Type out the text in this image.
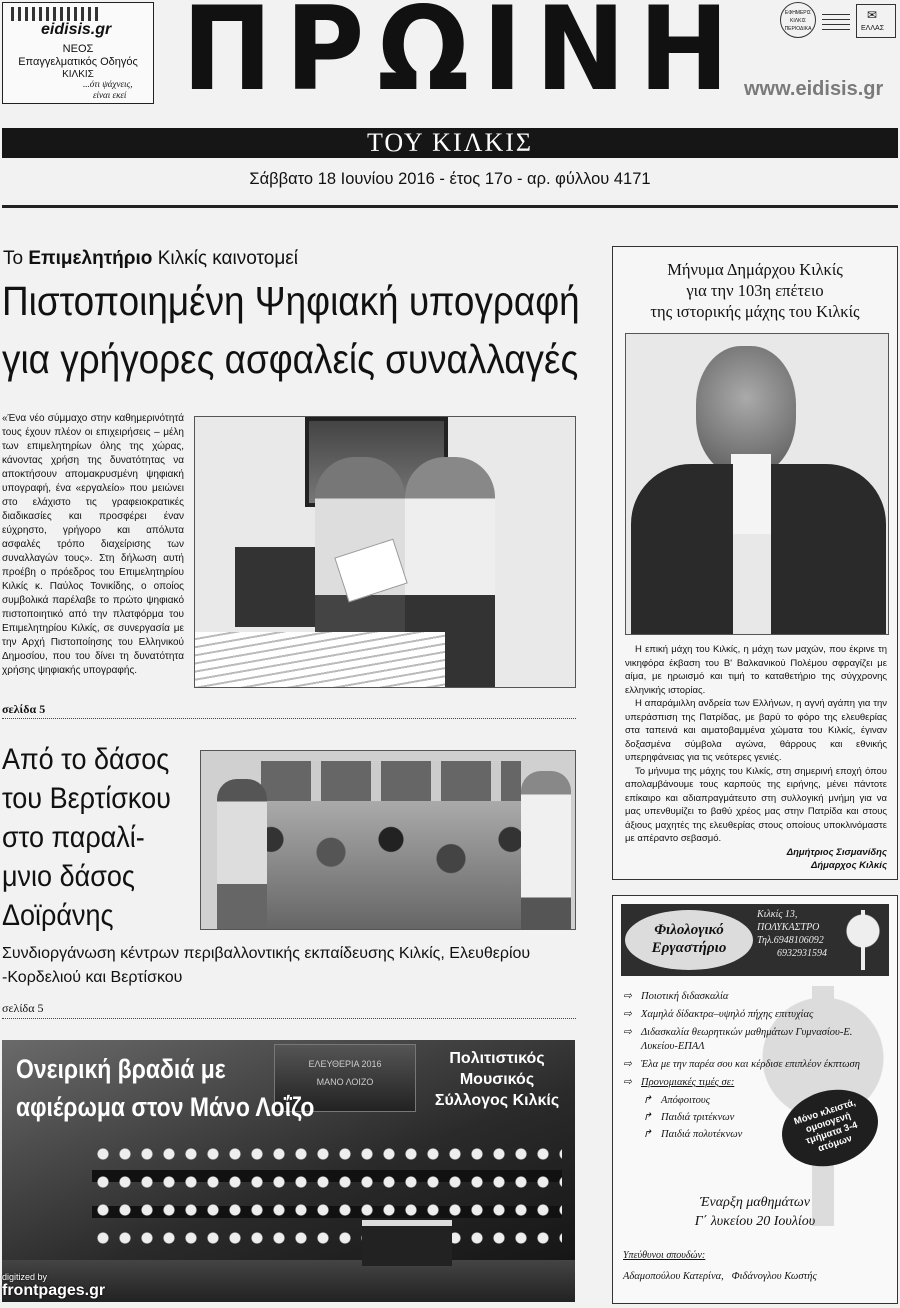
eidisis.gr
ΝΕΟΣ
Επαγγελματικός Οδηγός
ΚΙΛΚΙΣ
...ότι ψάχνεις,
είναι εκεί ΠΡΩΙΝΗ	ΕΦΗΜΕΡΙΣ ΚΙΛΚΙΣ ΠΕΡΙΟΔΙΚΑ
✉
ΕΛΛΑΣ
www.eidisis.gr
ΤΟΥ ΚΙΛΚΙΣ
Σάββατο 18 Ιουνίου 2016 - έτος 17ο - αρ. φύλλου 4171
Το Επιμελητήριο Κιλκίς καινοτομεί
Πιστοποιημένη Ψηφιακή υπογραφή
για γρήγορες ασφαλείς συναλλαγές
«Ένα νέο σύμμαχο στην καθημερινότητά τους έχουν πλέον οι επιχειρήσεις – μέλη των επιμελητηρίων όλης της χώρας, κάνοντας χρήση της δυνατότητας να αποκτήσουν απομακρυσμένη ψηφιακή υπογραφή, ένα «εργαλείο» που μειώνει στο ελάχιστο τις γραφειοκρατικές διαδικασίες και προσφέρει έναν εύχρηστο, γρήγορο και απόλυτα ασφαλές τρόπο διαχείρισης των συναλλαγών τους». Στη δήλωση αυτή προέβη ο πρόεδρος του Επιμελητηρίου Κιλκίς κ. Παύλος Τονικίδης, ο οποίος συμβολικά παρέλαβε το πρώτο ψηφιακό πιστοποιητικό από την πλατφόρμα του Επιμελητηρίου Κιλκίς, σε συνεργασία με την Αρχή Πιστοποίησης του Ελληνικού Δημοσίου, που του δίνει τη δυνατότητα χρήσης ψηφιακής υπογραφής.
σελίδα 5
Από το δάσος
του Βερτίσκου
στο παραλί-
μνιο δάσος
Δοϊράνης
Συνδιοργάνωση κέντρων περιβαλλοντικής εκπαίδευσης Κιλκίς, Ελευθερίου -Κορδελιού και Βερτίσκου
σελίδα 5
ΕΛΕΥΘΕΡΙΑ 2016
ΜΑΝΟ ΛΟΙΖΟ
Ονειρική βραδιά με
αφιέρωμα στον Μάνο Λοΐζο
Πολιτιστικός
Μουσικός
Σύλλογος Κιλκίς
Μήνυμα Δημάρχου Κιλκίς
για την 103η επέτειο
της ιστορικής μάχης του Κιλκίς
Η επική μάχη του Κιλκίς, η μάχη των μαχών, που έκρινε τη νικηφόρα έκβαση του Β' Βαλκανικού Πολέμου σφραγίζει με αίμα, με ηρωισμό και τιμή το καταθετήριο της σύγχρονης ελληνικής ιστορίας.
Η απαράμιλλη ανδρεία των Ελλήνων, η αγνή αγάπη για την υπεράσπιση της Πατρίδας, με βαρύ το φόρο της ελευθερίας στα ταπεινά και αιματοβαμμένα χώματα του Κιλκίς, έγιναν δοξασμένα σύμβολα αγώνα, θάρρους και εθνικής υπερηφάνειας για τις νεότερες γενιές.
Το μήνυμα της μάχης του Κιλκίς, στη σημερινή εποχή όπου απολαμβάνουμε τους καρπούς της ειρήνης, μένει πάντοτε επίκαιρο και αδιαπραγμάτευτο στη συλλογική μνήμη για να μας υπενθυμίζει το βαθύ χρέος μας στην Πατρίδα και στους άξιους μαχητές της ελευθερίας στους οποίους υποκλινόμαστε με απέραντο σεβασμό.
Δημήτριος Σισμανίδης
Δήμαρχος Κιλκίς
Φιλολογικό
Εργαστήριο
Κιλκίς 13,
ΠΟΛΥΚΑΣΤΡΟ
Τηλ.6948106092
6932931594
⇨ Ποιοτική διδασκαλία
⇨ Χαμηλά δίδακτρα–υψηλό πήχης επιτυχίας
⇨ Διδασκαλία θεωρητικών μαθημάτων Γυμνασίου-Ε. Λυκείου-ΕΠΑΛ
⇨ Έλα με την παρέα σου και κέρδισε επιπλέον έκπτωση
⇨ Προνομιακές τιμές σε:
↱ Απόφοιτους
↱ Παιδιά τριτέκνων
↱ Παιδιά πολυτέκνων
Μόνο κλειστά, ομοιογενή τμήματα 3-4 ατόμων
Έναρξη μαθημάτων
Γ΄ λυκείου 20 Ιουλίου
Υπεύθυνοι σπουδών:
Αδαμοπούλου Κατερίνα,   Φιδάνογλου Κωστής
digitized by
frontpages.gr
